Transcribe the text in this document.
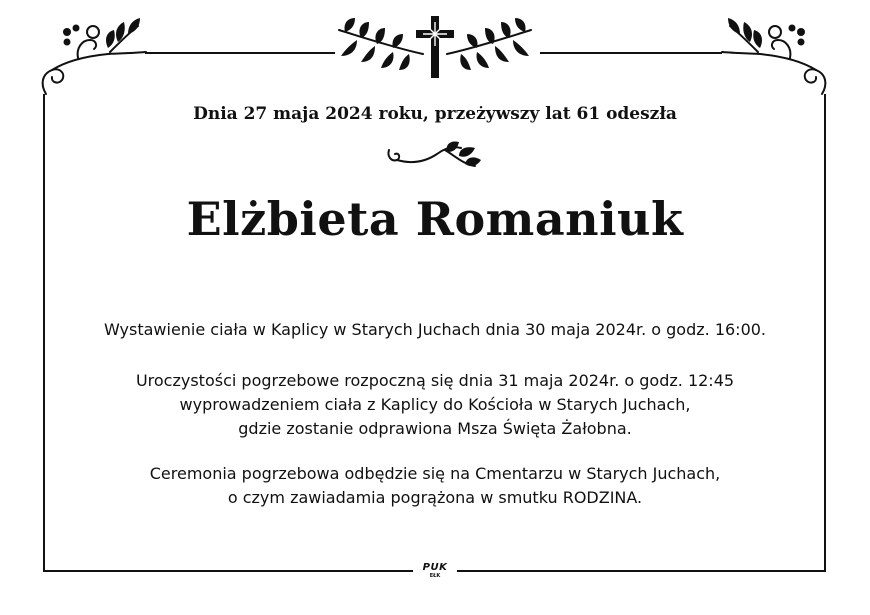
Dnia 27 maja 2024 roku, przeżywszy lat 61 odeszła
Elżbieta Romaniuk
Wystawienie ciała w Kaplicy w Starych Juchach dnia 30 maja 2024r. o godz. 16:00.
Uroczystości pogrzebowe rozpoczną się dnia 31 maja 2024r. o godz. 12:45
wyprowadzeniem ciała z Kaplicy do Kościoła w Starych Juchach,
gdzie zostanie odprawiona Msza Święta Żałobna.
Ceremonia pogrzebowa odbędzie się na Cmentarzu w Starych Juchach,
o czym zawiadamia pogrążona w smutku RODZINA.
PUK
EŁK
